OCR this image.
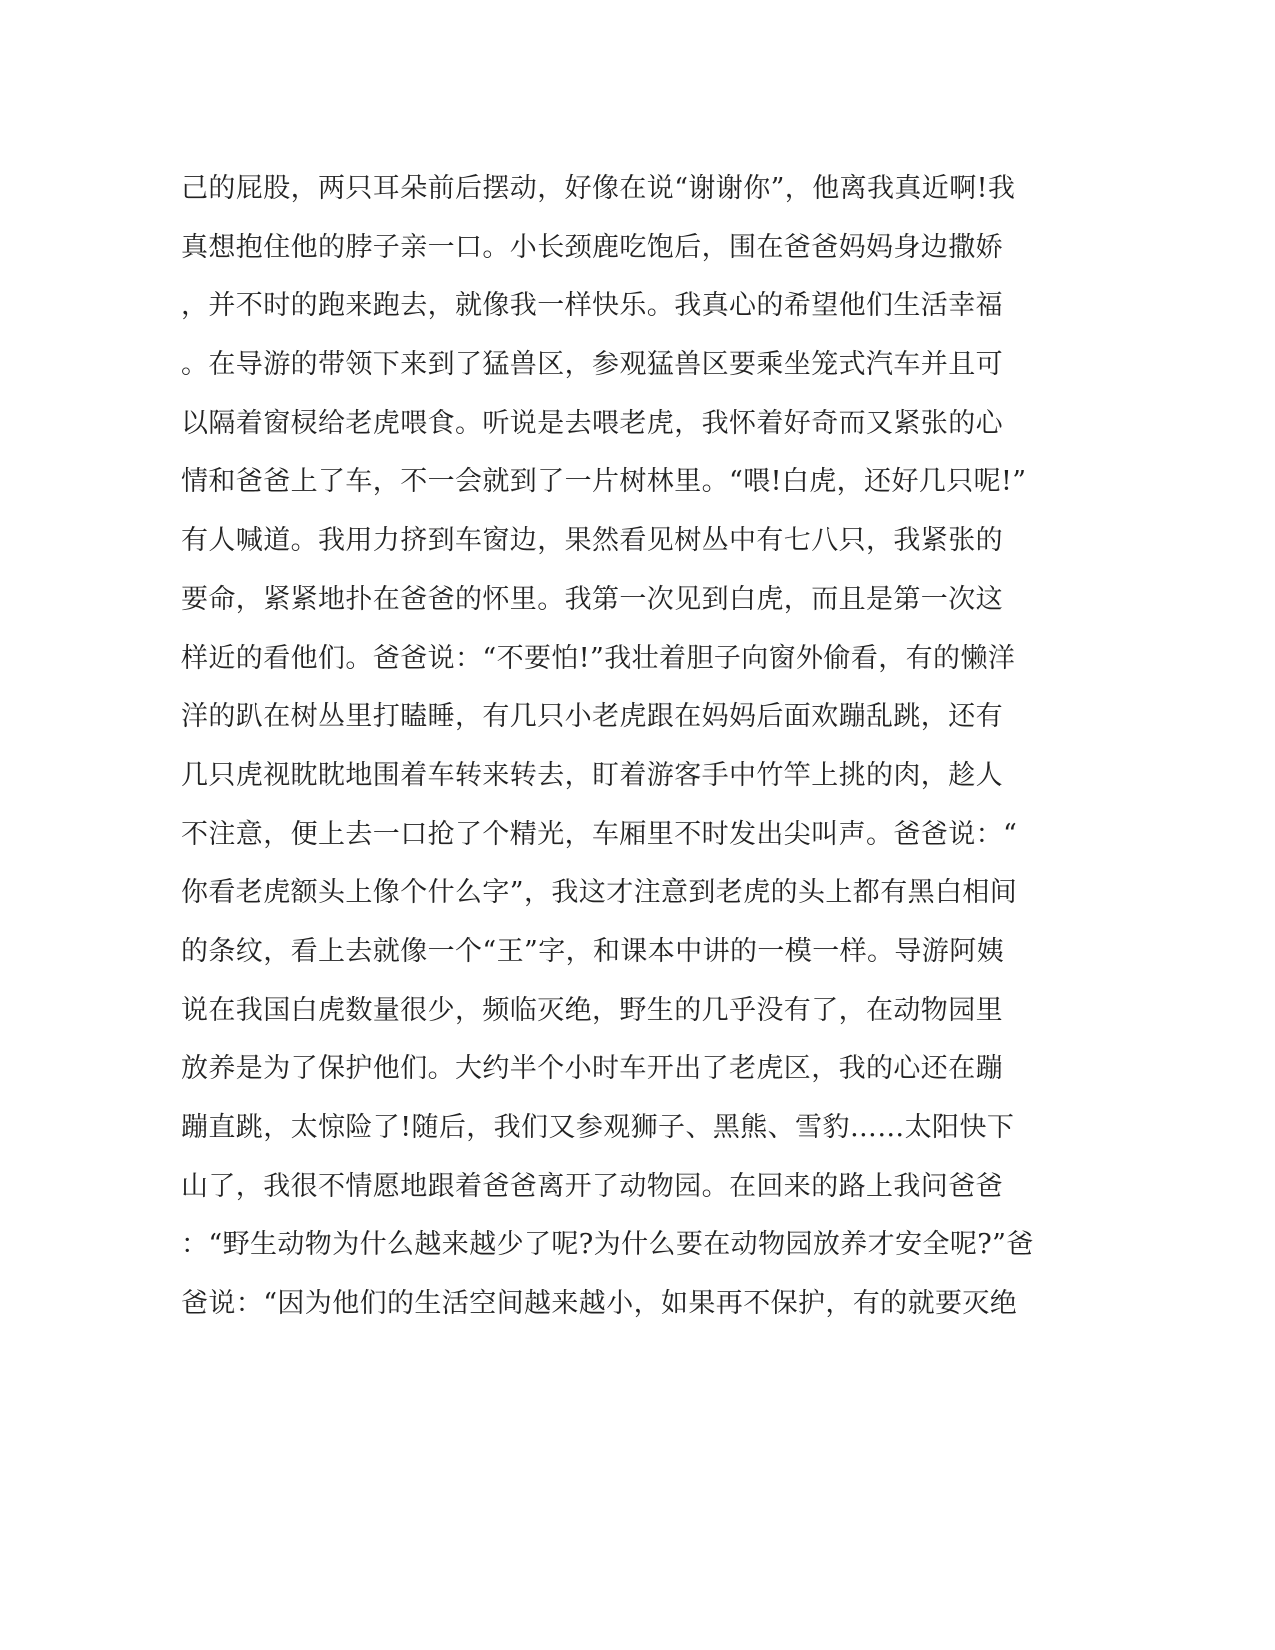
己的屁股，两只耳朵前后摆动，好像在说“谢谢你”，他离我真近啊!我
真想抱住他的脖子亲一口。小长颈鹿吃饱后，围在爸爸妈妈身边撒娇
，并不时的跑来跑去，就像我一样快乐。我真心的希望他们生活幸福
。在导游的带领下来到了猛兽区，参观猛兽区要乘坐笼式汽车并且可
以隔着窗棂给老虎喂食。听说是去喂老虎，我怀着好奇而又紧张的心
情和爸爸上了车，不一会就到了一片树林里。“喂!白虎，还好几只呢!”
有人喊道。我用力挤到车窗边，果然看见树丛中有七八只，我紧张的
要命，紧紧地扑在爸爸的怀里。我第一次见到白虎，而且是第一次这
样近的看他们。爸爸说：“不要怕!”我壮着胆子向窗外偷看，有的懒洋
洋的趴在树丛里打瞌睡，有几只小老虎跟在妈妈后面欢蹦乱跳，还有
几只虎视眈眈地围着车转来转去，盯着游客手中竹竿上挑的肉，趁人
不注意，便上去一口抢了个精光，车厢里不时发出尖叫声。爸爸说：“
你看老虎额头上像个什么字”，我这才注意到老虎的头上都有黑白相间
的条纹，看上去就像一个“王”字，和课本中讲的一模一样。导游阿姨
说在我国白虎数量很少，频临灭绝，野生的几乎没有了，在动物园里
放养是为了保护他们。大约半个小时车开出了老虎区，我的心还在蹦
蹦直跳，太惊险了!随后，我们又参观狮子、黑熊、雪豹……太阳快下
山了，我很不情愿地跟着爸爸离开了动物园。在回来的路上我问爸爸
：“野生动物为什么越来越少了呢?为什么要在动物园放养才安全呢?”爸
爸说：“因为他们的生活空间越来越小，如果再不保护，有的就要灭绝
